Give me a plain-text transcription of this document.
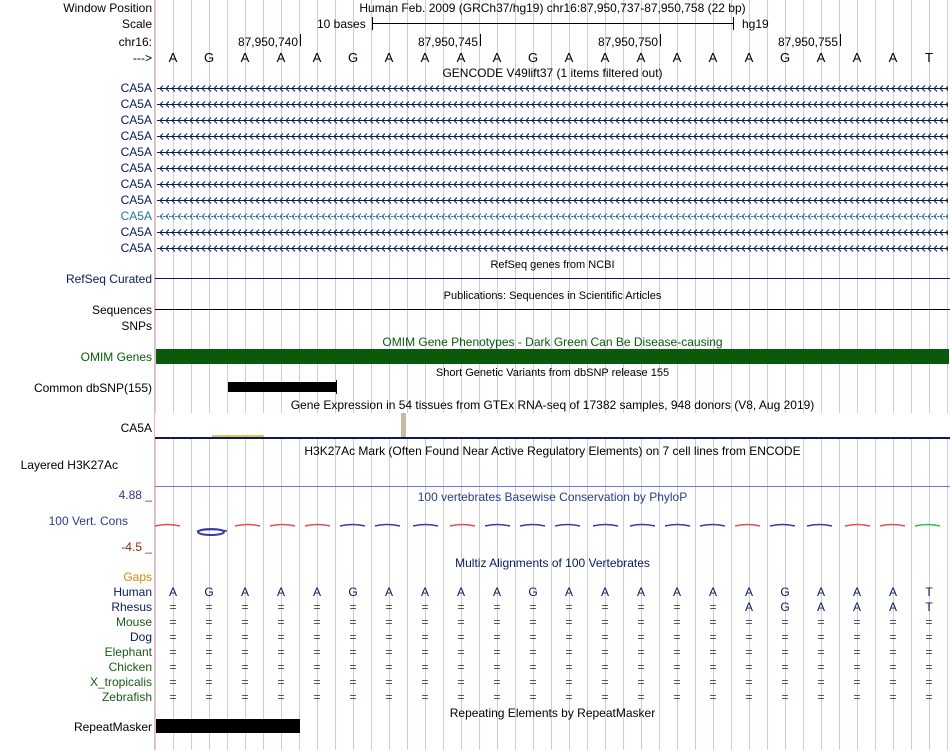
Window Position	Human Feb. 2009 (GRCh37/hg19) chr16:87,950,737-87,950,758 (22 bp)
Scale	10 bases	hg19
chr16:	87,950,740	87,950,745	87,950,750	87,950,755
--->	A	G	A	A	A	G	A	A	A	A	G	A	A	A	A	A	A	G	A	A	A	T
GENCODE V49lift37 (1 items filtered out)
CA5A
CA5A
CA5A
CA5A
CA5A
CA5A
CA5A
CA5A
CA5A
CA5A
CA5A
RefSeq genes from NCBI
RefSeq Curated
Publications: Sequences in Scientific Articles
Sequences
SNPs
OMIM Gene Phenotypes - Dark Green Can Be Disease-causing
OMIM Genes
Short Genetic Variants from dbSNP release 155
Common dbSNP(155)
Gene Expression in 54 tissues from GTEx RNA-seq of 17382 samples, 948 donors (V8, Aug 2019)
CA5A
H3K27Ac Mark (Often Found Near Active Regulatory Elements) on 7 cell lines from ENCODE
Layered H3K27Ac
100 vertebrates Basewise Conservation by PhyloP
4.88 _
100 Vert. Cons
-4.5 _
Multiz Alignments of 100 Vertebrates
Gaps
Human	A	G	A	A	A	G	A	A	A	A	G	A	A	A	A	A	A	G	A	A	A	T
Rhesus	=	=	=	=	=	=	=	=	=	=	=	=	=	=	=	=	A	G	A	A	A	T
Mouse	=	=	=	=	=	=	=	=	=	=	=	=	=	=	=	=	=	=	=	=	=	=
Dog	=	=	=	=	=	=	=	=	=	=	=	=	=	=	=	=	=	=	=	=	=	=
Elephant	=	=	=	=	=	=	=	=	=	=	=	=	=	=	=	=	=	=	=	=	=	=
Chicken	=	=	=	=	=	=	=	=	=	=	=	=	=	=	=	=	=	=	=	=	=	=
X_tropicalis	=	=	=	=	=	=	=	=	=	=	=	=	=	=	=	=	=	=	=	=	=	=
Zebrafish	=	=	=	=	=	=	=	=	=	=	=	=	=	=	=	=	=	=	=	=	=	=
Repeating Elements by RepeatMasker
RepeatMasker
